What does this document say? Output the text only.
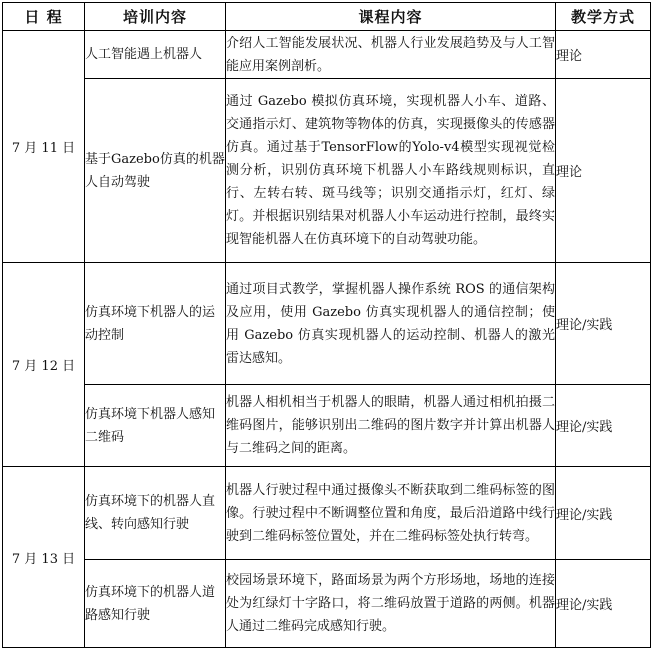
日 程	培训内容	课程内容	教学方式
7 月 11 日	人工智能遇上机器人	介绍人工智能发展状况、机器人行业发展趋势及与人工智能应用案例剖析。	理论
	基于Gazebo仿真的机器人自动驾驶	通过 Gazebo 模拟仿真环境，实现机器人小车、道路、交通指示灯、建筑物等物体的仿真，实现摄像头的传感器仿真。通过基于TensorFlow的Yolo-v4模型实现视觉检测分析，识别仿真环境下机器人小车路线规则标识，直行、左转右转、斑马线等；识别交通指示灯，红灯、绿灯。并根据识别结果对机器人小车运动进行控制，最终实现智能机器人在仿真环境下的自动驾驶功能。	理论
7 月 12 日	仿真环境下机器人的运动控制	通过项目式教学，掌握机器人操作系统 ROS 的通信架构及应用，使用 Gazebo 仿真实现机器人的通信控制；使用 Gazebo 仿真实现机器人的运动控制、机器人的激光雷达感知。	理论/实践
	仿真环境下机器人感知二维码	机器人相机相当于机器人的眼睛，机器人通过相机拍摄二维码图片，能够识别出二维码的图片数字并计算出机器人与二维码之间的距离。	理论/实践
7 月 13 日	仿真环境下的机器人直线、转向感知行驶	机器人行驶过程中通过摄像头不断获取到二维码标签的图像。行驶过程中不断调整位置和角度，最后沿道路中线行驶到二维码标签位置处，并在二维码标签处执行转弯。	理论/实践
	仿真环境下的机器人道路感知行驶	校园场景环境下，路面场景为两个方形场地，场地的连接处为红绿灯十字路口，将二维码放置于道路的两侧。机器人通过二维码完成感知行驶。	理论/实践
